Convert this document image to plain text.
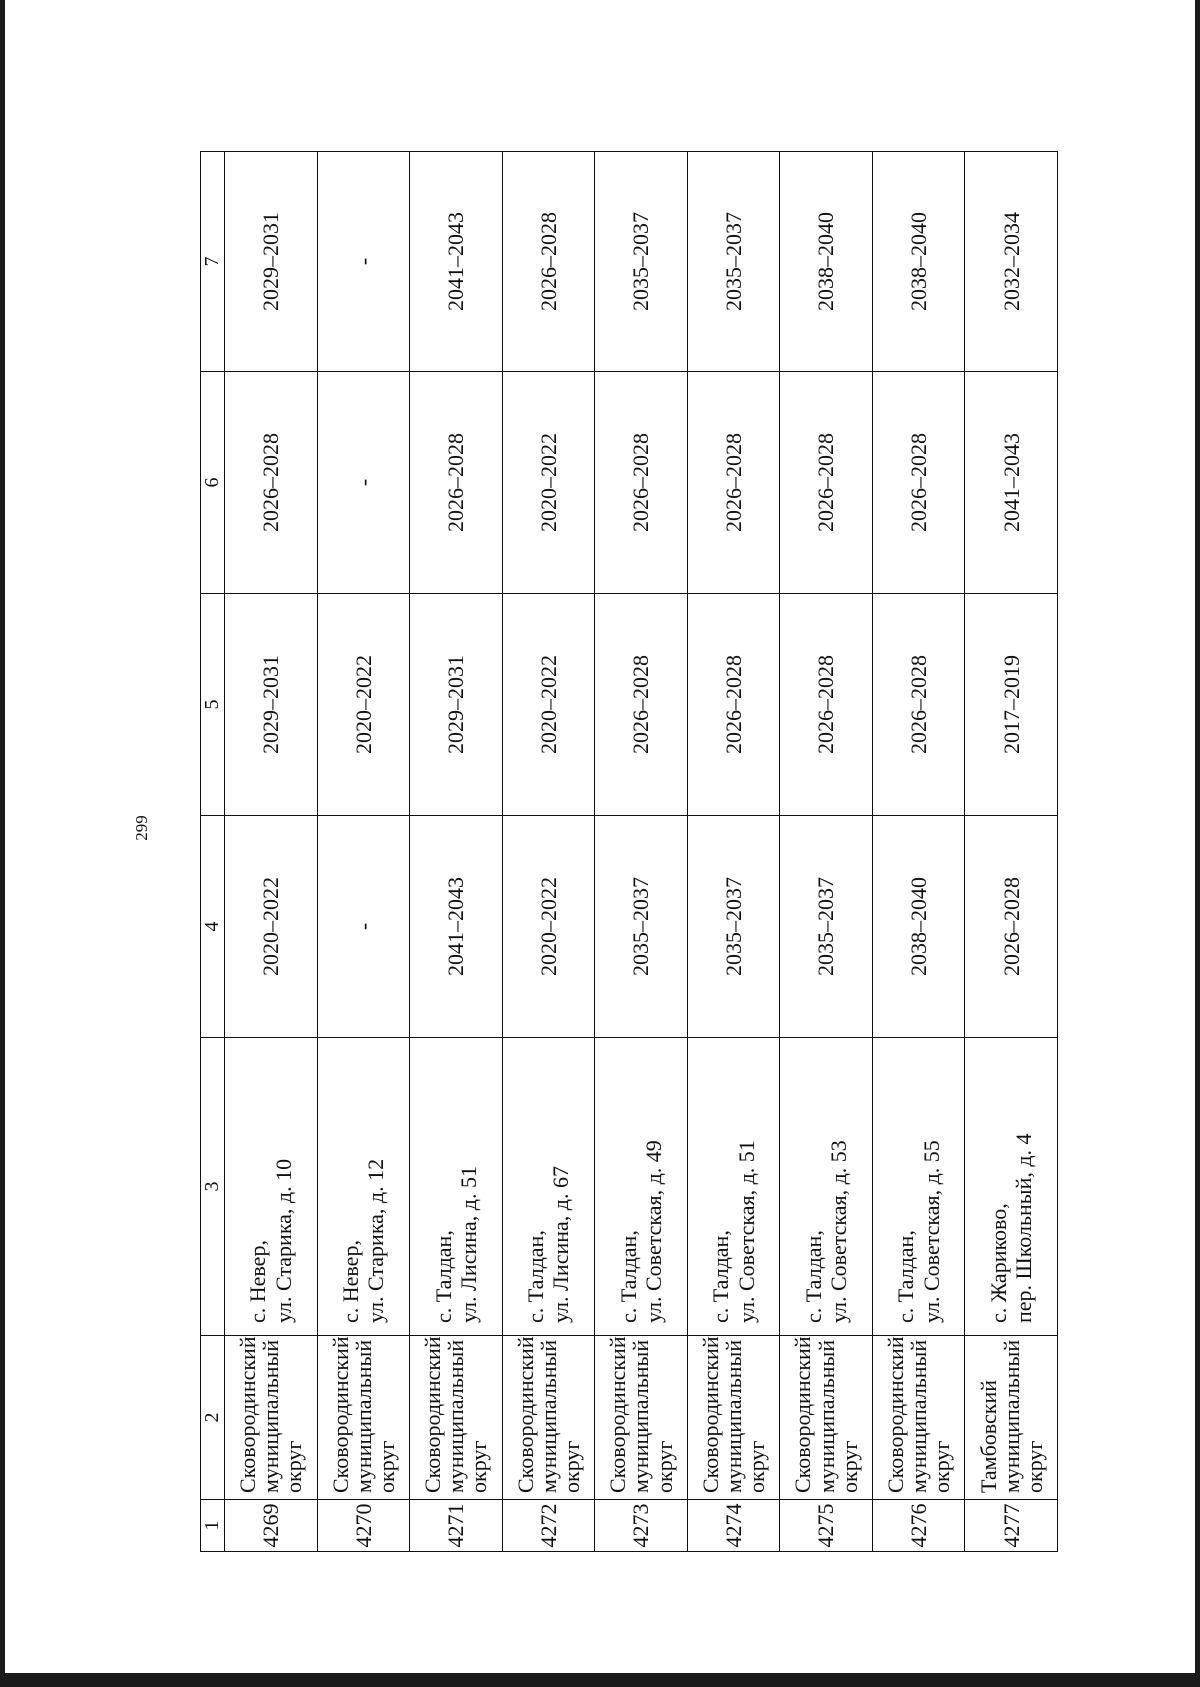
299
1	2	3	4	5	6	7
4269	Сковородинский муниципальный округ	с. Невер, ул. Старика, д. 10	2020–2022	2029–2031	2026–2028	2029–2031
4270	Сковородинский муниципальный округ	с. Невер, ул. Старика, д. 12	-	2020–2022	-	-
4271	Сковородинский муниципальный округ	с. Талдан, ул. Лисина, д. 51	2041–2043	2029–2031	2026–2028	2041–2043
4272	Сковородинский муниципальный округ	с. Талдан, ул. Лисина, д. 67	2020–2022	2020–2022	2020–2022	2026–2028
4273	Сковородинский муниципальный округ	с. Талдан, ул. Советская, д. 49	2035–2037	2026–2028	2026–2028	2035–2037
4274	Сковородинский муниципальный округ	с. Талдан, ул. Советская, д. 51	2035–2037	2026–2028	2026–2028	2035–2037
4275	Сковородинский муниципальный округ	с. Талдан, ул. Советская, д. 53	2035–2037	2026–2028	2026–2028	2038–2040
4276	Сковородинский муниципальный округ	с. Талдан, ул. Советская, д. 55	2038–2040	2026–2028	2026–2028	2038–2040
4277	Тамбовский муниципальный округ	с. Жариково, пер. Школьный, д. 4	2026–2028	2017–2019	2041–2043	2032–2034
